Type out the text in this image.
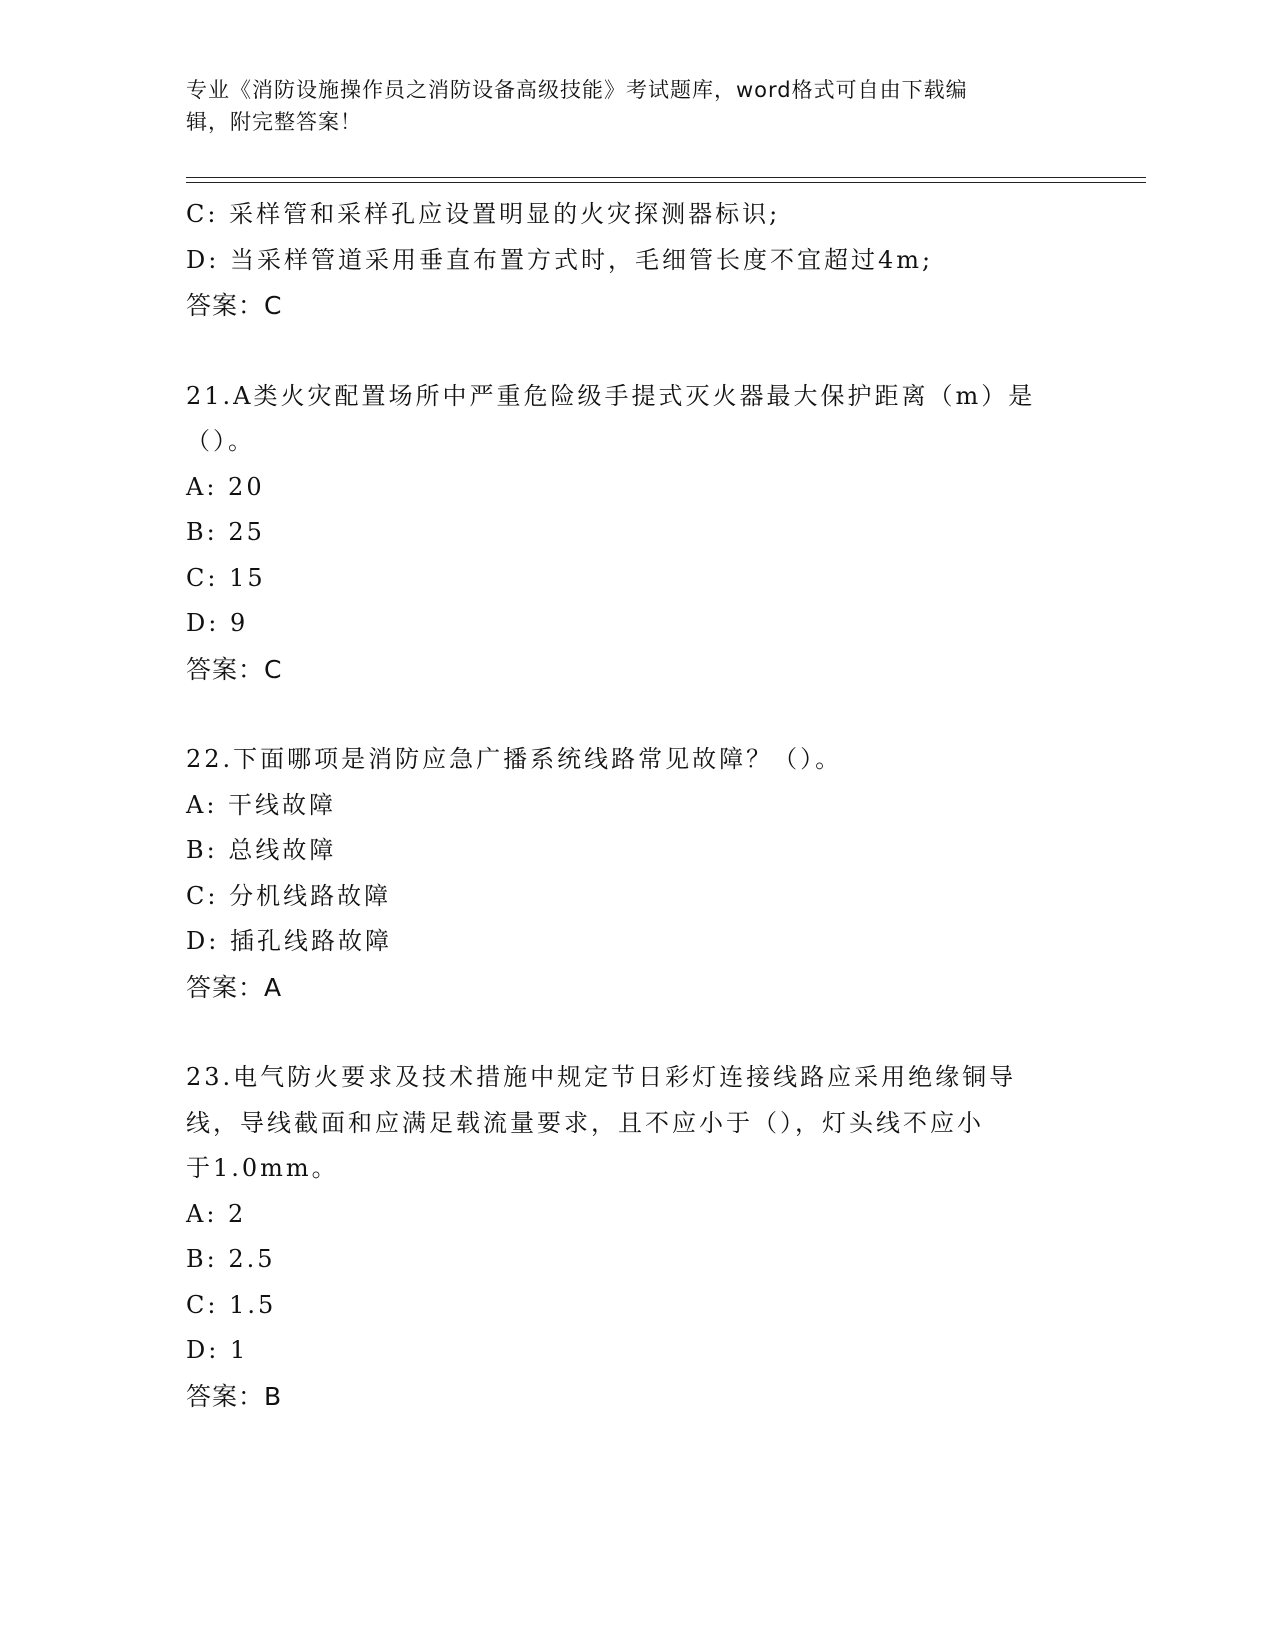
专业《消防设施操作员之消防设备高级技能》考试题库，word格式可自由下载编
辑，附完整答案！
C: 采样管和采样孔应设置明显的火灾探测器标识;
D: 当采样管道采用垂直布置方式时，毛细管长度不宜超过4m;
答案：C
21.A类火灾配置场所中严重危险级手提式灭火器最大保护距离（m）是
（）。
A: 20
B: 25
C: 15
D: 9
答案：C
22.下面哪项是消防应急广播系统线路常见故障？（）。
A: 干线故障
B: 总线故障
C: 分机线路故障
D: 插孔线路故障
答案：A
23.电气防火要求及技术措施中规定节日彩灯连接线路应采用绝缘铜导
线，导线截面和应满足载流量要求，且不应小于（），灯头线不应小
于1.0mm。
A: 2
B: 2.5
C: 1.5
D: 1
答案：B
